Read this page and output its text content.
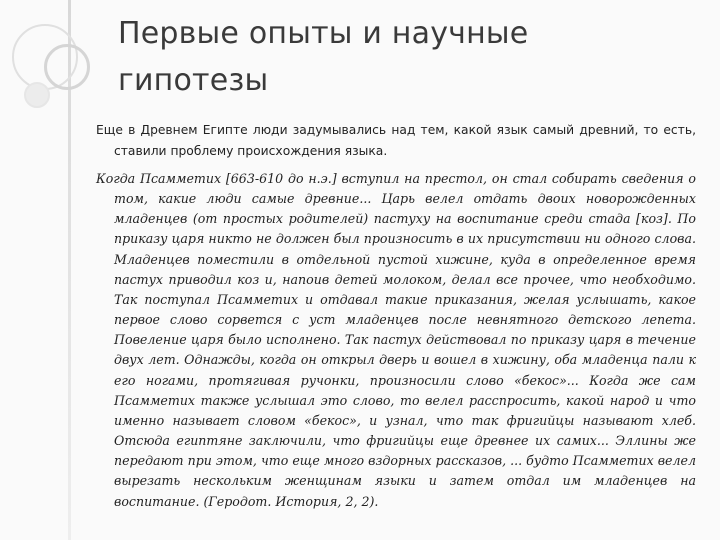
Первые опыты и научные гипотезы

Еще в Древнем Египте люди задумывались над тем, какой язык самый древний, то есть, ставили проблему происхождения языка.

Когда Псамметих [663-610 до н.э.] вступил на престол, он стал собирать сведения о том, какие люди самые древние... Царь велел отдать двоих новорожденных младенцев (от простых родителей) пастуху на воспитание среди стада [коз]. По приказу царя никто не должен был произносить в их присутствии ни одного слова. Младенцев поместили в отдельной пустой хижине, куда в определенное время пастух приводил коз и, напоив детей молоком, делал все прочее, что необходимо. Так поступал Псамметих и отдавал такие приказания, желая услышать, какое первое слово сорвется с уст младенцев после невнятного детского лепета. Повеление царя было исполнено. Так пастух действовал по приказу царя в течение двух лет. Однажды, когда он открыл дверь и вошел в хижину, оба младенца пали к его ногами, протягивая ручонки, произносили слово «бекос»... Когда же сам Псамметих также услышал это слово, то велел расспросить, какой народ и что именно называет словом «бекос», и узнал, что так фригийцы называют хлеб. Отсюда египтяне заключили, что фригийцы еще древнее их самих... Эллины же передают при этом, что еще много вздорных рассказов, ... будто Псамметих велел вырезать нескольким женщинам языки и затем отдал им младенцев на воспитание. (Геродот. История, 2, 2).
